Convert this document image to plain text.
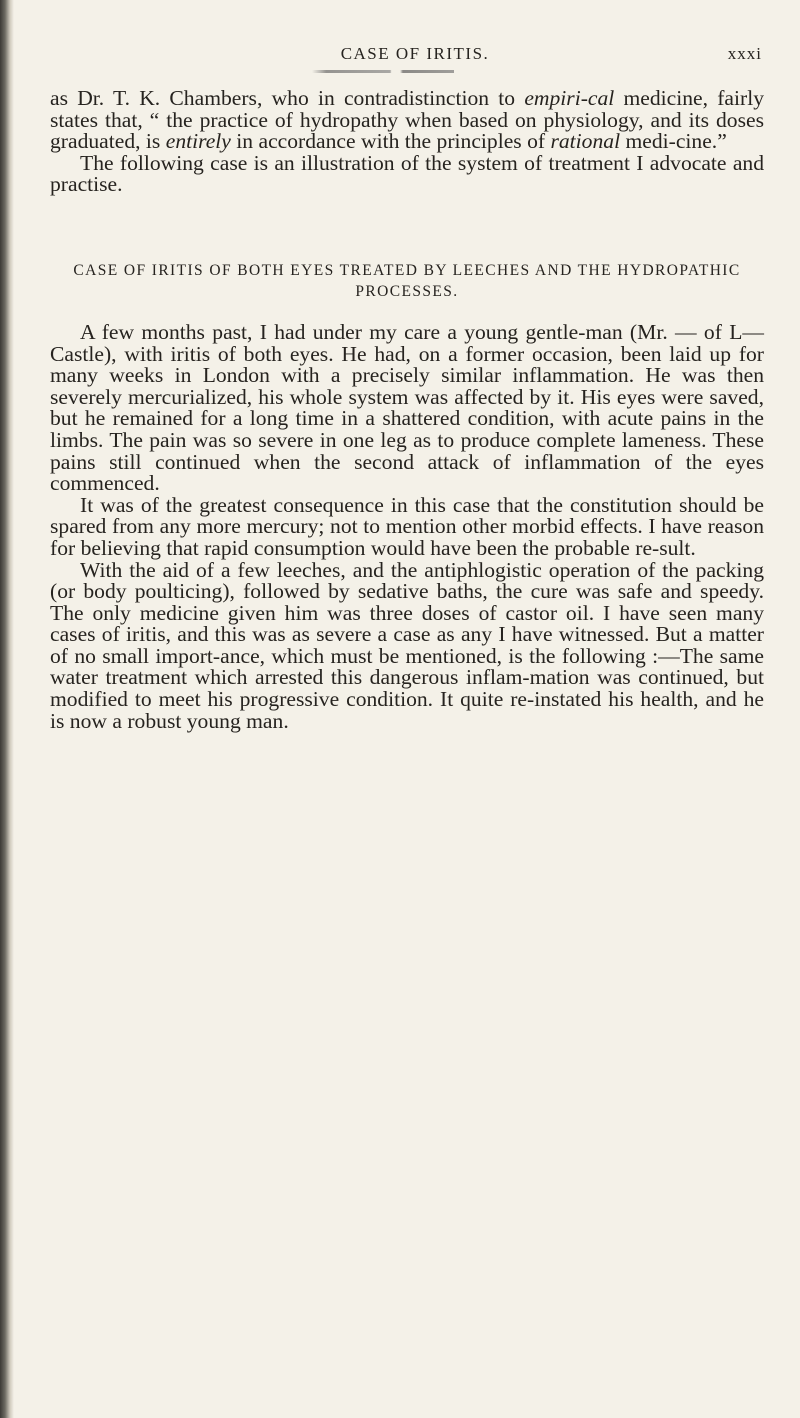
CASE OF IRITIS.	xxxi

as Dr. T. K. Chambers, who in contradistinction to empiri-cal medicine, fairly states that, “ the practice of hydropathy when based on physiology, and its doses graduated, is entirely in accordance with the principles of rational medi-cine.”

The following case is an illustration of the system of treatment I advocate and practise.

CASE OF IRITIS OF BOTH EYES TREATED BY LEECHES AND THE HYDROPATHIC PROCESSES.

A few months past, I had under my care a young gentle-man (Mr. — of L— Castle), with iritis of both eyes. He had, on a former occasion, been laid up for many weeks in London with a precisely similar inflammation. He was then severely mercurialized, his whole system was affected by it. His eyes were saved, but he remained for a long time in a shattered condition, with acute pains in the limbs. The pain was so severe in one leg as to produce complete lameness. These pains still continued when the second attack of inflammation of the eyes commenced.

It was of the greatest consequence in this case that the constitution should be spared from any more mercury; not to mention other morbid effects. I have reason for believing that rapid consumption would have been the probable re-sult.

With the aid of a few leeches, and the antiphlogistic operation of the packing (or body poulticing), followed by sedative baths, the cure was safe and speedy. The only medicine given him was three doses of castor oil. I have seen many cases of iritis, and this was as severe a case as any I have witnessed. But a matter of no small import-ance, which must be mentioned, is the following :—The same water treatment which arrested this dangerous inflam-mation was continued, but modified to meet his progressive condition. It quite re-instated his health, and he is now a robust young man.
